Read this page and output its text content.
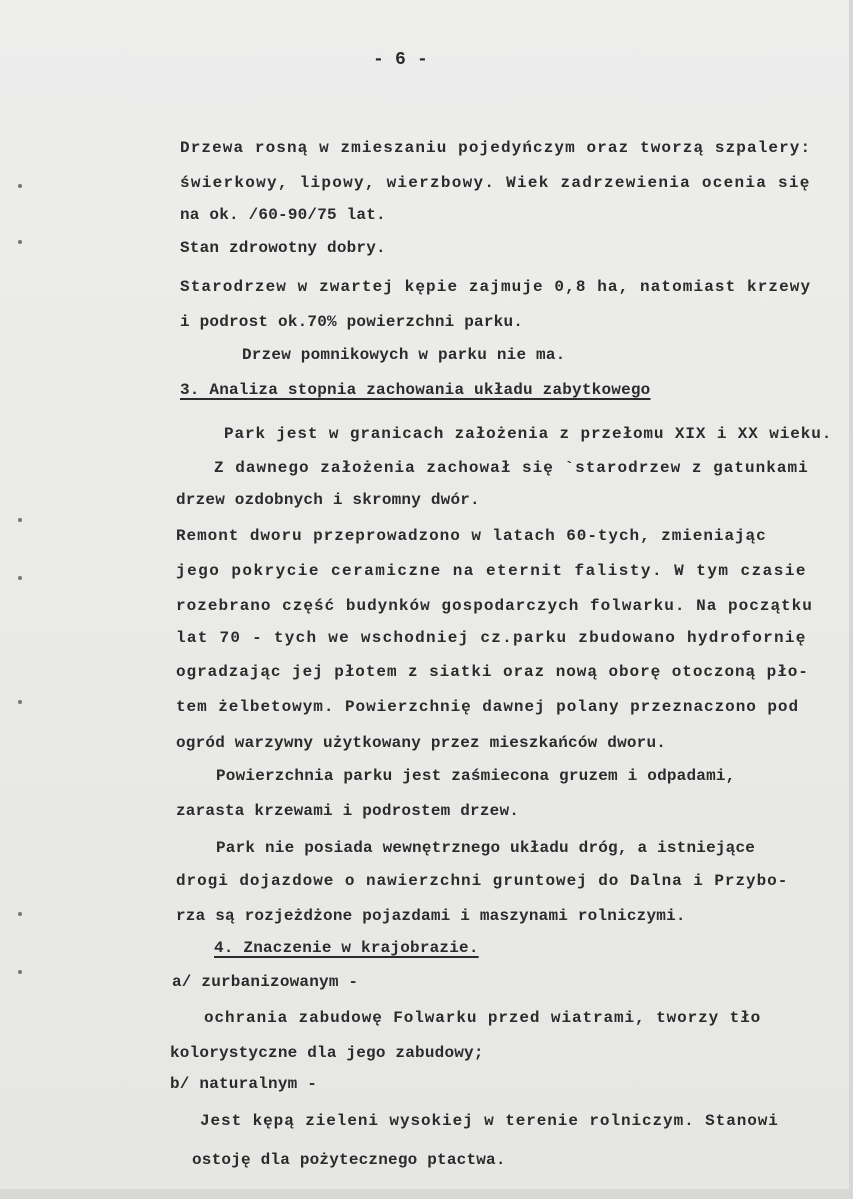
- 6 -
Drzewa rosną w zmieszaniu pojedyńczym oraz tworzą szpalery:
świerkowy, lipowy, wierzbowy. Wiek zadrzewienia ocenia się
na ok. /60-90/75 lat.
Stan zdrowotny dobry.
Starodrzew w zwartej kępie zajmuje 0,8 ha, natomiast krzewy
i podrost ok.70% powierzchni parku.
Drzew pomnikowych w parku nie ma.
3. Analiza stopnia zachowania układu zabytkowego
Park jest w granicach założenia z przełomu XIX i XX wieku.
Z dawnego założenia zachował się `starodrzew z gatunkami
drzew ozdobnych i skromny dwór.
Remont dworu przeprowadzono w latach 60-tych, zmieniając
jego pokrycie ceramiczne na eternit falisty. W tym czasie
rozebrano część budynków gospodarczych folwarku. Na początku
lat 70 - tych we wschodniej cz.parku zbudowano hydrofornię
ogradzając jej płotem z siatki oraz nową oborę otoczoną pło-
tem żelbetowym. Powierzchnię dawnej polany przeznaczono pod
ogród warzywny użytkowany przez mieszkańców dworu.
Powierzchnia parku jest zaśmiecona gruzem i odpadami,
zarasta krzewami i podrostem drzew.
Park nie posiada wewnętrznego układu dróg, a istniejące
drogi dojazdowe o nawierzchni gruntowej do Dalna i Przybo-
rza są rozjeżdżone pojazdami i maszynami rolniczymi.
4. Znaczenie w krajobrazie.
a/ zurbanizowanym -
ochrania zabudowę Folwarku przed wiatrami, tworzy tło
kolorystyczne dla jego zabudowy;
b/ naturalnym -
Jest kępą zieleni wysokiej w terenie rolniczym. Stanowi
ostoję dla pożytecznego ptactwa.
